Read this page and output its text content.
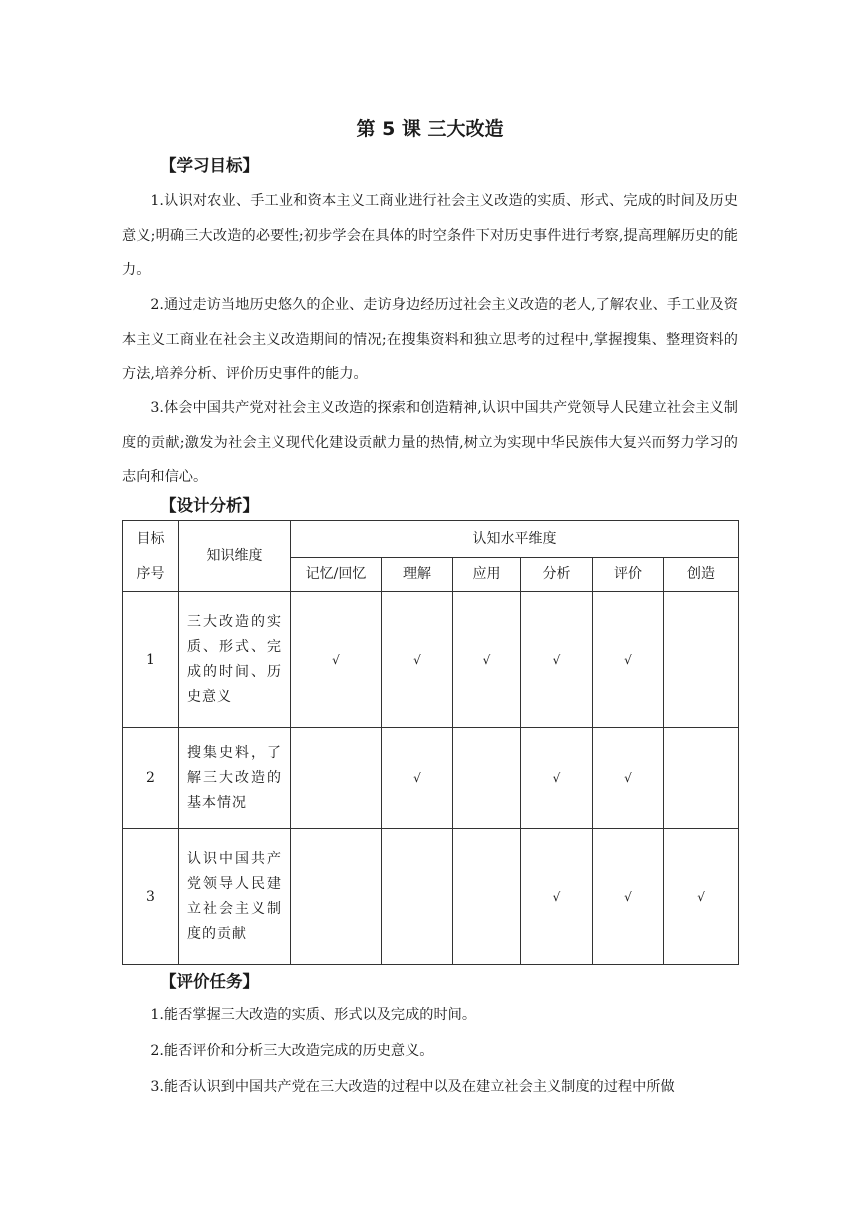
第 5 课 三大改造
【学习目标】

1.认识对农业、手工业和资本主义工商业进行社会主义改造的实质、形式、完成的时间及历史意义;明确三大改造的必要性;初步学会在具体的时空条件下对历史事件进行考察,提高理解历史的能力。

2.通过走访当地历史悠久的企业、走访身边经历过社会主义改造的老人,了解农业、手工业及资本主义工商业在社会主义改造期间的情况;在搜集资料和独立思考的过程中,掌握搜集、整理资料的方法,培养分析、评价历史事件的能力。

3.体会中国共产党对社会主义改造的探索和创造精神,认识中国共产党领导人民建立社会主义制度的贡献;激发为社会主义现代化建设贡献力量的热情,树立为实现中华民族伟大复兴而努力学习的志向和信心。

【设计分析】
目标
序号	知识维度	认知水平维度					
		记忆/回忆	理解	应用	分析	评价	创造
1	三大改造的实
质、形式、完
成的时间、历
史意义	√	√	√	√	√	
2	搜集史料，了
解三大改造的
基本情况		√		√	√	
3	认识中国共产
党领导人民建
立社会主义制
度的贡献				√	√	√
【评价任务】

1.能否掌握三大改造的实质、形式以及完成的时间。

2.能否评价和分析三大改造完成的历史意义。

3.能否认识到中国共产党在三大改造的过程中以及在建立社会主义制度的过程中所做
